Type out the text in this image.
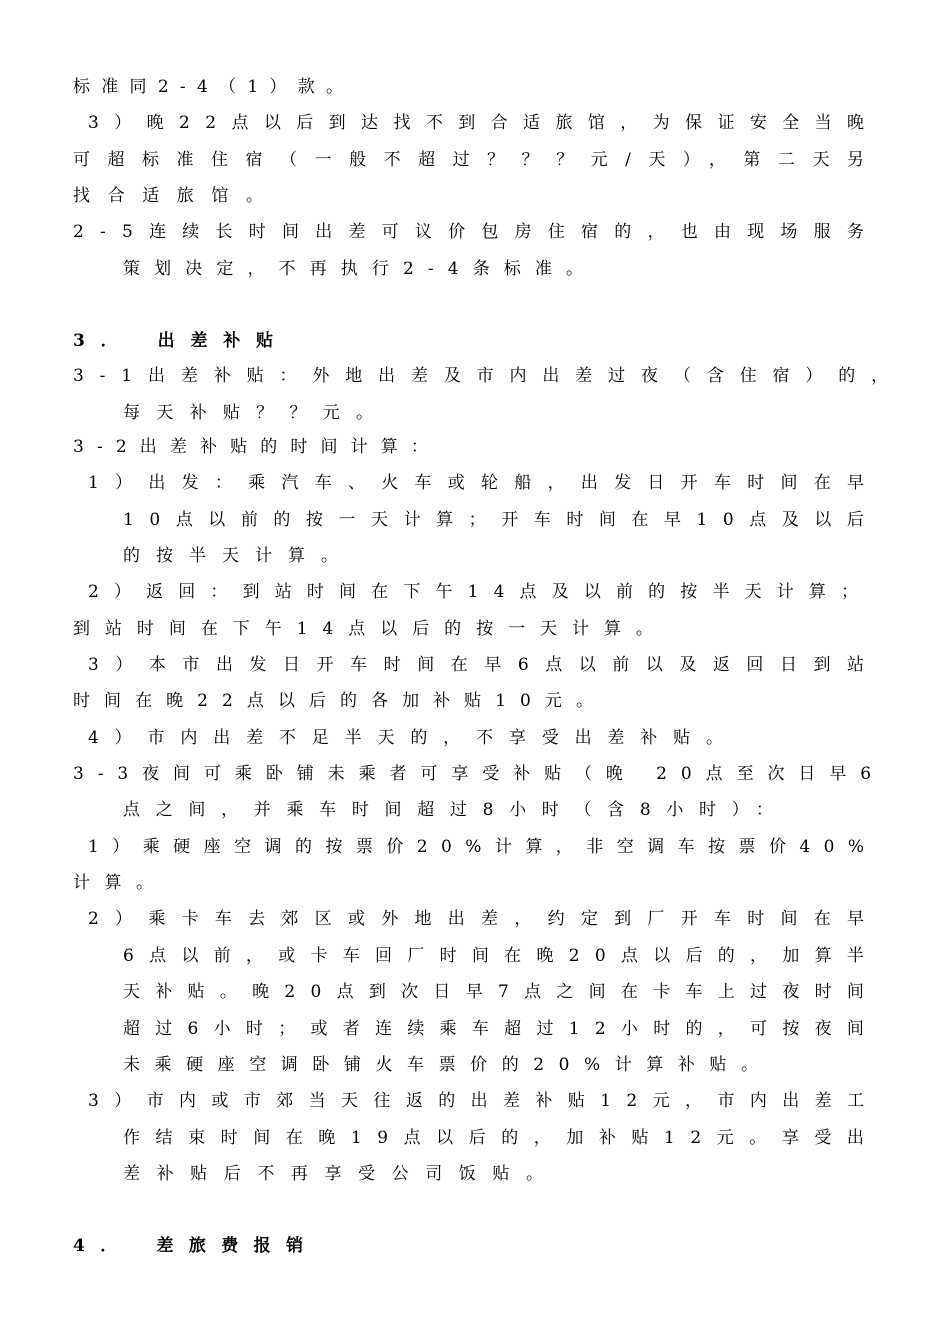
标准同2-4（1）款。
3）晚22点以后到达找不到合适旅馆，为保证安全当晚
可超标准住宿（一般不超过？？？元/天），第二天另
找合适旅馆。
2-5连续长时间出差可议价包房住宿的，也由现场服务
策划决定，不再执行2-4条标准。
3．　出差补贴
3-1出差补贴：外地出差及市内出差过夜（含住宿）的，
每天补贴？？元。
3-2出差补贴的时间计算：
1）出发：乘汽车、火车或轮船，出发日开车时间在早
10点以前的按一天计算；开车时间在早10点及以后
的按半天计算。
2）返回：到站时间在下午14点及以前的按半天计算；
到站时间在下午14点以后的按一天计算。
3）本市出发日开车时间在早6点以前以及返回日到站
时间在晚22点以后的各加补贴10元。
4）市内出差不足半天的，不享受出差补贴。
3-3夜间可乘卧铺未乘者可享受补贴（晚 20点至次日早6
点之间，并乘车时间超过8小时（含8小时）：
1）乘硬座空调的按票价20%计算，非空调车按票价40%
计算。
2）乘卡车去郊区或外地出差，约定到厂开车时间在早
6点以前，或卡车回厂时间在晚20点以后的，加算半
天补贴。晚20点到次日早7点之间在卡车上过夜时间
超过6小时；或者连续乘车超过12小时的，可按夜间
未乘硬座空调卧铺火车票价的20%计算补贴。
3）市内或市郊当天往返的出差补贴12元，市内出差工
作结束时间在晚19点以后的，加补贴12元。享受出
差补贴后不再享受公司饭贴。
4．　差旅费报销
